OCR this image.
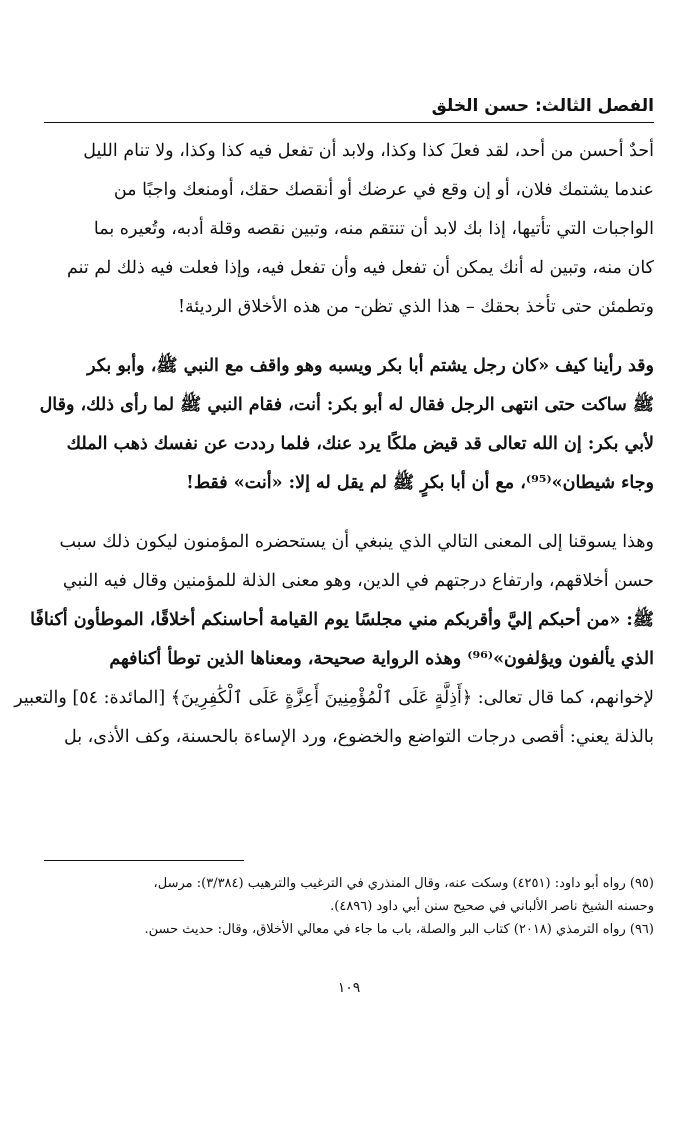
الفصل الثالث: حسن الخلق
أحدٌ أحسن من أحد، لقد فعلَ كذا وكذا، ولابد أن تفعل فيه كذا وكذا، ولا تنام الليل
عندما يشتمك فلان، أو إن وقع في عرضك أو أنقصك حقك، أومنعك واجبًا من
الواجبات التي تأتيها، إذا بك لابد أن تنتقم منه، وتبين نقصه وقلة أدبه، وتُعيره بما
كان منه، وتبين له أنك يمكن أن تفعل فيه وأن تفعل فيه، وإذا فعلت فيه ذلك لم تنم
وتطمئن حتى تأخذ بحقك – هذا الذي تظن- من هذه الأخلاق الرديئة!
وقد رأينا كيف «كان رجل يشتم أبا بكر ويسبه وهو واقف مع النبي ﷺ، وأبو بكر
ﷺ ساكت حتى انتهى الرجل فقال له أبو بكر: أنت، فقام النبي ﷺ لما رأى ذلك، وقال
لأبي بكر: إن الله تعالى قد قيض ملكًا يرد عنك، فلما رددت عن نفسك ذهب الملك
وجاء شيطان»⁽⁹⁵⁾، مع أن أبا بكرٍ ﷺ لم يقل له إلا: «أنت» فقط!
وهذا يسوقنا إلى المعنى التالي الذي ينبغي أن يستحضره المؤمنون ليكون ذلك سبب
حسن أخلاقهم، وارتفاع درجتهم في الدين، وهو معنى الذلة للمؤمنين وقال فيه النبي
ﷺ: «من أحبكم إليَّ وأقربكم مني مجلسًا يوم القيامة أحاسنكم أخلاقًا، الموطأون أكنافًا
الذي يألفون ويؤلفون»⁽⁹⁶⁾ وهذه الرواية صحيحة، ومعناها الذين توطأ أكنافهم
لإخوانهم، كما قال تعالى: ﴿أَذِلَّةٍ عَلَى ٱلْمُؤْمِنِينَ أَعِزَّةٍ عَلَى ٱلْكَٰفِرِينَ﴾ [المائدة: ٥٤] والتعبير
بالذلة يعني: أقصى درجات التواضع والخضوع، ورد الإساءة بالحسنة، وكف الأذى، بل
(٩٥) رواه أبو داود: (٤٢٥١) وسكت عنه، وقال المنذري في الترغيب والترهيب (٣/٣٨٤): مرسل،
وحسنه الشيخ ناصر الألباني في صحيح سنن أبي داود (٤٨٩٦).
(٩٦) رواه الترمذي (٢٠١٨) كتاب البر والصلة، باب ما جاء في معالي الأخلاق، وقال: حديث حسن.
١٠٩
